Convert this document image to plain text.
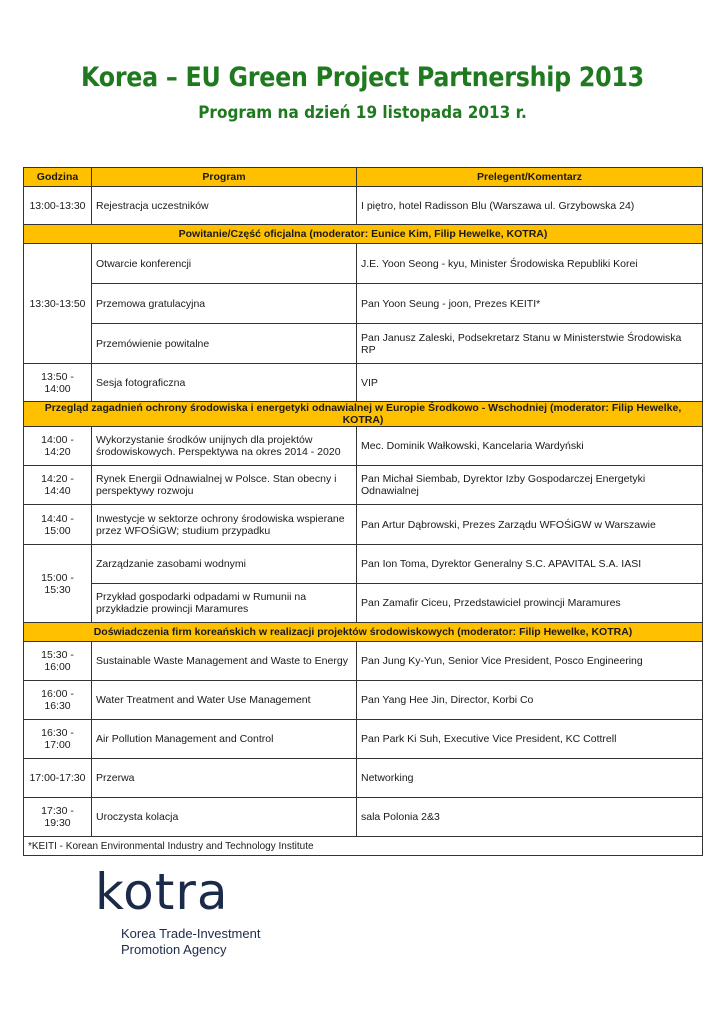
Korea – EU Green Project Partnership 2013
Program na dzień 19 listopada 2013 r.
Godzina	Program	Prelegent/Komentarz
13:00-13:30	Rejestracja uczestników	I piętro, hotel Radisson Blu (Warszawa ul. Grzybowska 24)
Powitanie/Część oficjalna (moderator: Eunice Kim, Filip Hewelke, KOTRA)		
13:30-13:50	Otwarcie konferencji	J.E. Yoon Seong - kyu, Minister Środowiska Republiki Korei
	Przemowa gratulacyjna	Pan Yoon Seung - joon, Prezes KEITI*
	Przemówienie powitalne	Pan Janusz Zaleski, Podsekretarz Stanu w Ministerstwie Środowiska RP
13:50 - 14:00	Sesja fotograficzna	VIP
Przegląd zagadnień ochrony środowiska i energetyki odnawialnej w Europie Środkowo - Wschodniej (moderator: Filip Hewelke, KOTRA)		
14:00 - 14:20	Wykorzystanie środków unijnych dla projektów środowiskowych. Perspektywa na okres 2014 - 2020	Mec. Dominik Wałkowski, Kancelaria Wardyński
14:20 - 14:40	Rynek Energii Odnawialnej w Polsce. Stan obecny i perspektywy rozwoju	Pan Michał Siembab, Dyrektor Izby Gospodarczej Energetyki Odnawialnej
14:40 - 15:00	Inwestycje w sektorze ochrony środowiska wspierane przez WFOŚiGW; studium przypadku	Pan Artur Dąbrowski, Prezes Zarządu WFOŚiGW w Warszawie
15:00 - 15:30	Zarządzanie zasobami wodnymi	Pan Ion Toma, Dyrektor Generalny S.C. APAVITAL S.A. IASI
	Przykład gospodarki odpadami w Rumunii na przykładzie prowincji Maramures	Pan Zamafir Ciceu, Przedstawiciel prowincji Maramures
Doświadczenia firm koreańskich w realizacji projektów środowiskowych (moderator: Filip Hewelke, KOTRA)		
15:30 - 16:00	Sustainable Waste Management and Waste to Energy	Pan Jung Ky-Yun, Senior Vice President, Posco Engineering
16:00 - 16:30	Water Treatment and Water Use Management	Pan Yang Hee Jin, Director, Korbi Co
16:30 - 17:00	Air Pollution Management and Control	Pan Park Ki Suh, Executive Vice President, KC Cottrell
17:00-17:30	Przerwa	Networking
17:30 - 19:30	Uroczysta kolacja	sala Polonia 2&3
*KEITI - Korean Environmental Industry and Technology Institute		
kotra
Korea Trade-Investment
Promotion Agency
